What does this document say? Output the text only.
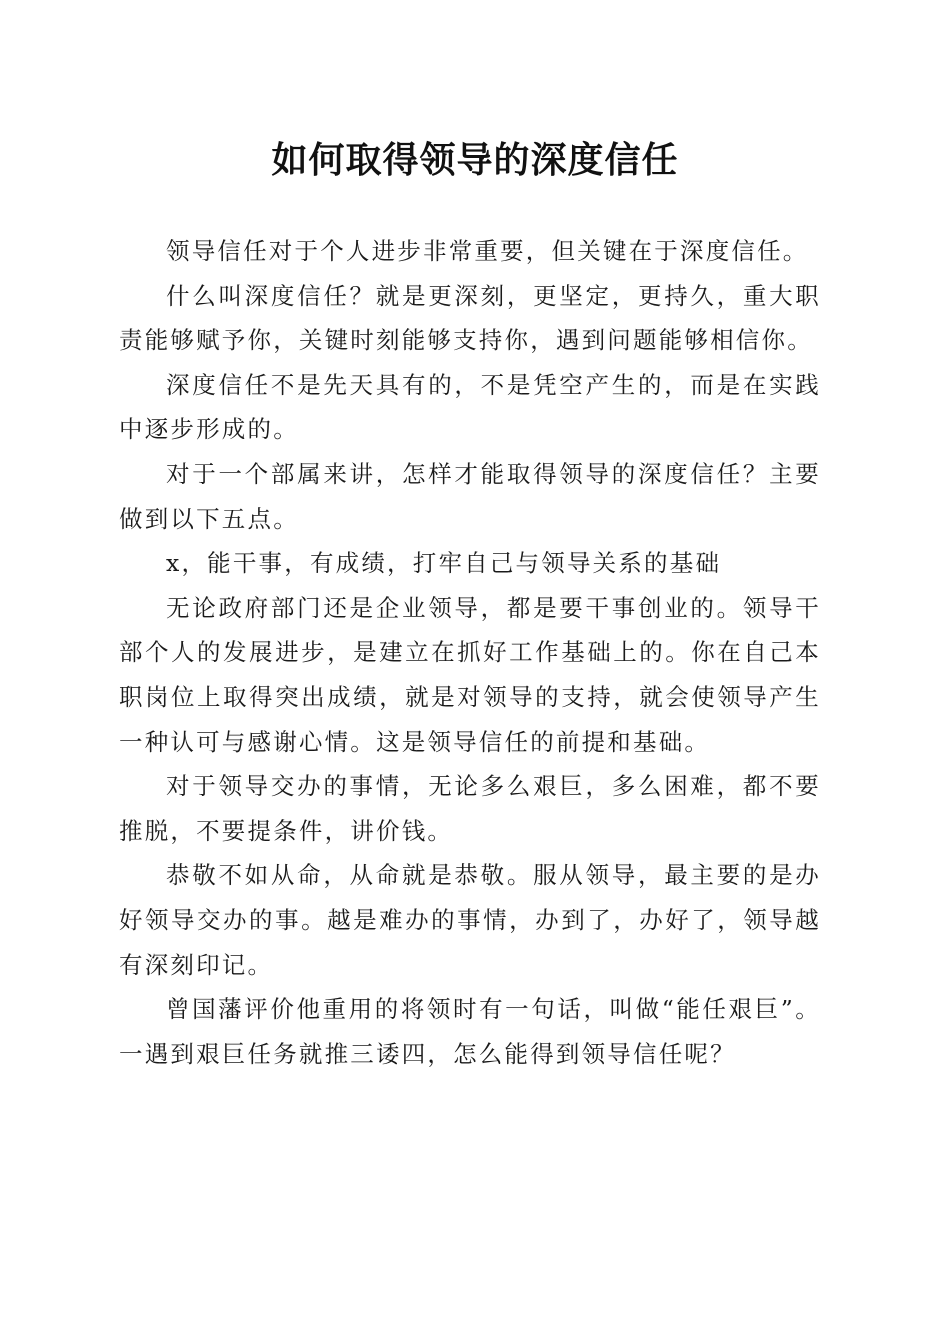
如何取得领导的深度信任

领导信任对于个人进步非常重要，但关键在于深度信任。

什么叫深度信任？就是更深刻，更坚定，更持久，重大职责能够赋予你，关键时刻能够支持你，遇到问题能够相信你。

深度信任不是先天具有的，不是凭空产生的，而是在实践中逐步形成的。

对于一个部属来讲，怎样才能取得领导的深度信任？主要做到以下五点。

x，能干事，有成绩，打牢自己与领导关系的基础

无论政府部门还是企业领导，都是要干事创业的。领导干部个人的发展进步，是建立在抓好工作基础上的。你在自己本职岗位上取得突出成绩，就是对领导的支持，就会使领导产生一种认可与感谢心情。这是领导信任的前提和基础。

对于领导交办的事情，无论多么艰巨，多么困难，都不要推脱，不要提条件，讲价钱。

恭敬不如从命，从命就是恭敬。服从领导，最主要的是办好领导交办的事。越是难办的事情，办到了，办好了，领导越有深刻印记。

曾国藩评价他重用的将领时有一句话，叫做“能任艰巨”。一遇到艰巨任务就推三诿四，怎么能得到领导信任呢？
